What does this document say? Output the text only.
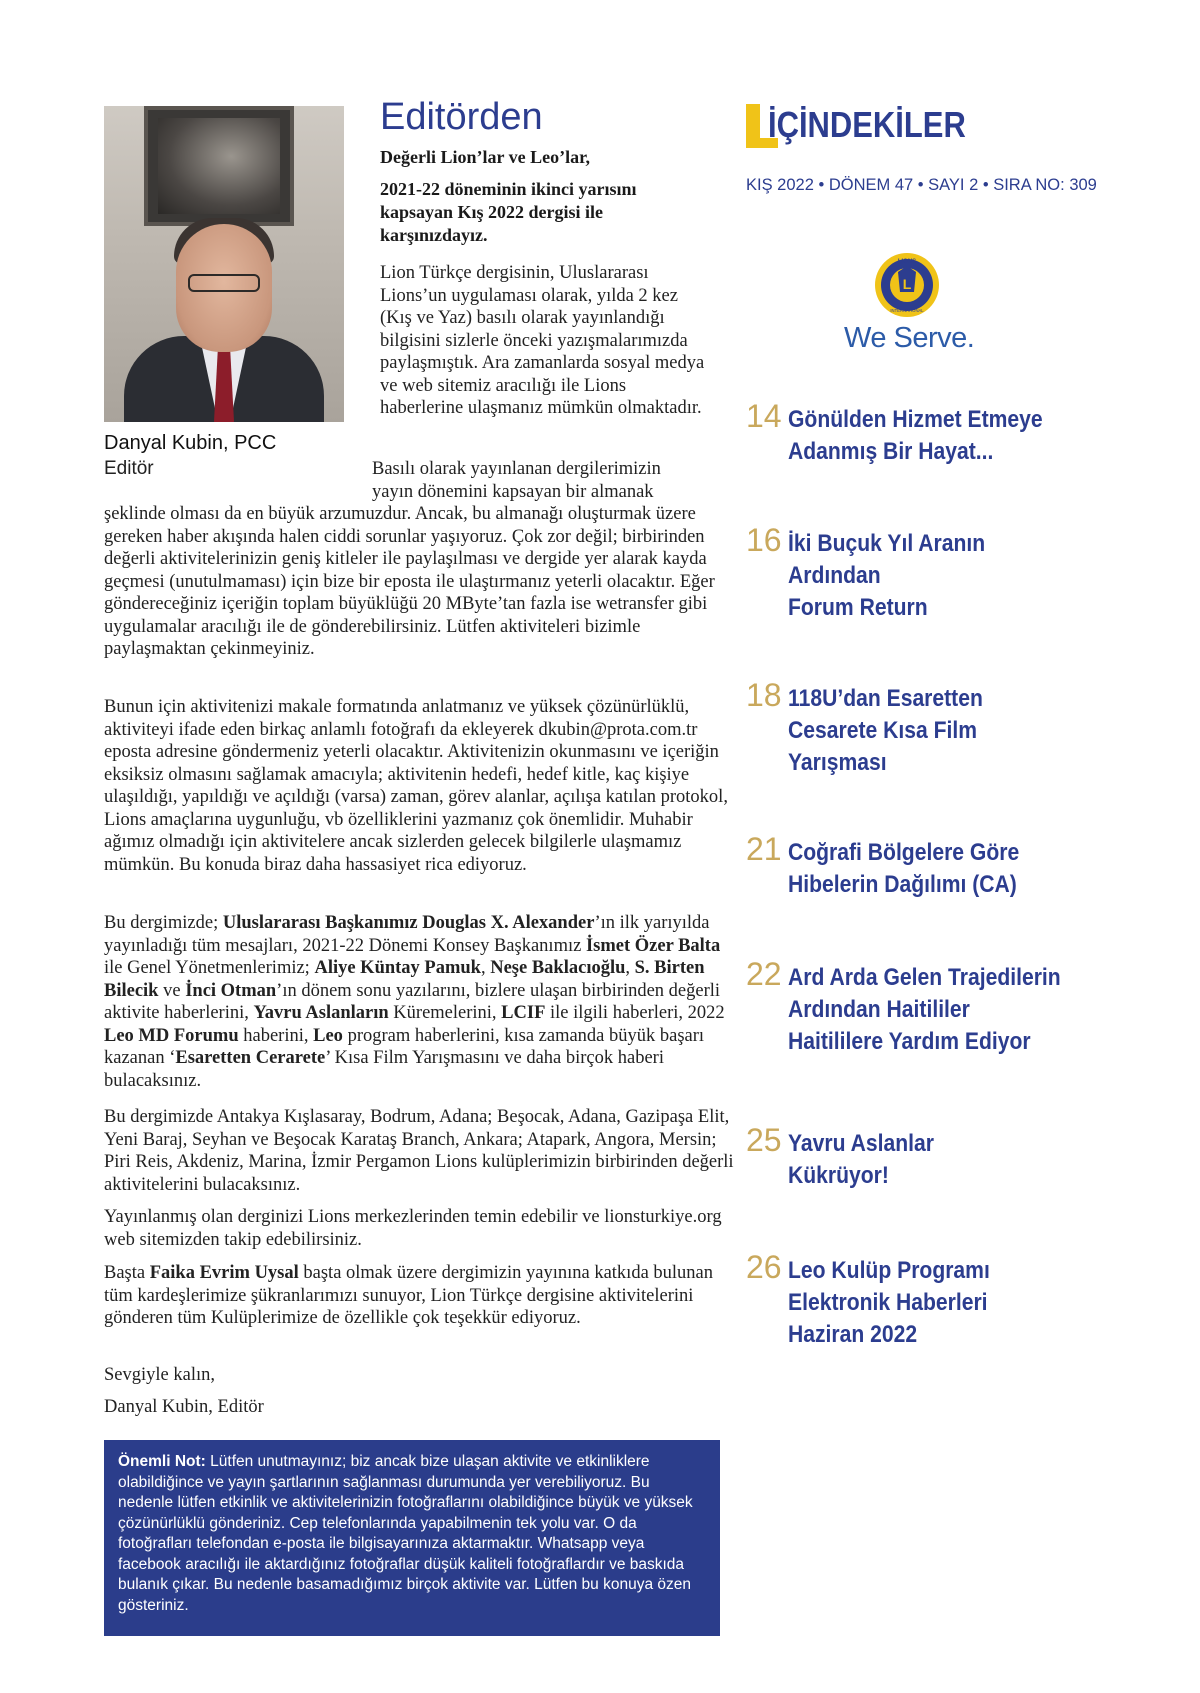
Danyal Kubin, PCC
Editör
Editörden
Değerli Lion’lar ve Leo’lar,
2021-22 döneminin ikinci yarısını kapsayan Kış 2022 dergisi ile karşınızdayız.
Lion Türkçe dergisinin, Uluslararası Lions’un uygulaması olarak, yılda 2 kez (Kış ve Yaz) basılı olarak yayınlandığı bilgisini sizlerle önceki yazışmalarımızda paylaşmıştık. Ara zamanlarda sosyal medya ve web sitemiz aracılığı ile Lions haberlerine ulaşmanız mümkün olmaktadır.
Basılı olarak yayınlanan dergilerimizin yayın dönemini kapsayan bir almanak
şeklinde olması da en büyük arzumuzdur. Ancak, bu almanağı oluşturmak üzere gereken haber akışında halen ciddi sorunlar yaşıyoruz. Çok zor değil; birbirinden değerli aktivitelerinizin geniş kitleler ile paylaşılması ve dergide yer alarak kayda geçmesi (unutulmaması) için bize bir eposta ile ulaştırmanız yeterli olacaktır. Eğer göndereceğiniz içeriğin toplam büyüklüğü 20 MByte’tan fazla ise wetransfer gibi uygulamalar aracılığı ile de gönderebilirsiniz. Lütfen aktiviteleri bizimle paylaşmaktan çekinmeyiniz.
Bunun için aktivitenizi makale formatında anlatmanız ve yüksek çözünürlüklü, aktiviteyi ifade eden birkaç anlamlı fotoğrafı da ekleyerek dkubin@prota.com.tr eposta adresine göndermeniz yeterli olacaktır. Aktivitenizin okunmasını ve içeriğin eksiksiz olmasını sağlamak amacıyla; aktivitenin hedefi, hedef kitle, kaç kişiye ulaşıldığı, yapıldığı ve açıldığı (varsa) zaman, görev alanlar, açılışa katılan protokol, Lions amaçlarına uygunluğu, vb özelliklerini yazmanız çok önemlidir. Muhabir ağımız olmadığı için aktivitelere ancak sizlerden gelecek bilgilerle ulaşmamız mümkün. Bu konuda biraz daha hassasiyet rica ediyoruz.
Bu dergimizde; Uluslararası Başkanımız Douglas X. Alexander’ın ilk yarıyılda yayınladığı tüm mesajları, 2021-22 Dönemi Konsey Başkanımız İsmet Özer Balta ile Genel Yönetmenlerimiz; Aliye Küntay Pamuk, Neşe Baklacıoğlu, S. Birten Bilecik ve İnci Otman’ın dönem sonu yazılarını, bizlere ulaşan birbirinden değerli aktivite haberlerini, Yavru Aslanların Küremelerini, LCIF ile ilgili haberleri, 2022 Leo MD Forumu haberini, Leo program haberlerini, kısa zamanda büyük başarı kazanan ‘Esaretten Cerarete’ Kısa Film Yarışmasını ve daha birçok haberi bulacaksınız.
Bu dergimizde Antakya Kışlasaray, Bodrum, Adana; Beşocak, Adana, Gazipaşa Elit, Yeni Baraj, Seyhan ve Beşocak Karataş Branch, Ankara; Atapark, Angora, Mersin; Piri Reis, Akdeniz, Marina, İzmir Pergamon Lions kulüplerimizin birbirinden değerli aktivitelerini bulacaksınız.
Yayınlanmış olan derginizi Lions merkezlerinden temin edebilir ve lionsturkiye.org web sitemizden takip edebilirsiniz.
Başta Faika Evrim Uysal başta olmak üzere dergimizin yayınına katkıda bulunan tüm kardeşlerimize şükranlarımızı sunuyor, Lion Türkçe dergisine aktivitelerini gönderen tüm Kulüplerimize de özellikle çok teşekkür ediyoruz.
Sevgiyle kalın,
Danyal Kubin, Editör
Önemli Not: Lütfen unutmayınız; biz ancak bize ulaşan aktivite ve etkinliklere olabildiğince ve yayın şartlarının sağlanması durumunda yer verebiliyoruz. Bu nedenle lütfen etkinlik ve aktivitelerinizin fotoğraflarını olabildiğince büyük ve yüksek çözünürlüklü gönderiniz. Cep telefonlarında yapabilmenin tek yolu var. O da fotoğrafları telefondan e-posta ile bilgisayarınıza aktarmaktır. Whatsapp veya facebook aracılığı ile aktardığınız fotoğraflar düşük kaliteli fotoğraflardır ve baskıda bulanık çıkar. Bu nedenle basamadığımız birçok aktivite var. Lütfen bu konuya özen gösteriniz.
İÇİNDEKİLER
KIŞ 2022 • DÖNEM 47 • SAYI 2 • SIRA NO: 309
L
LIONS
INTERNATIONAL
We Serve.
14 Gönülden Hizmet Etmeye
Adanmış Bir Hayat...
16 İki Buçuk Yıl Aranın
Ardından
Forum Return
18 118U’dan Esaretten
Cesarete Kısa Film
Yarışması
21 Coğrafi Bölgelere Göre
Hibelerin Dağılımı (CA)
22 Ard Arda Gelen Trajedilerin
Ardından Haitililer
Haitililere Yardım Ediyor
25 Yavru Aslanlar
Kükrüyor!
26 Leo Kulüp Programı
Elektronik Haberleri
Haziran 2022
